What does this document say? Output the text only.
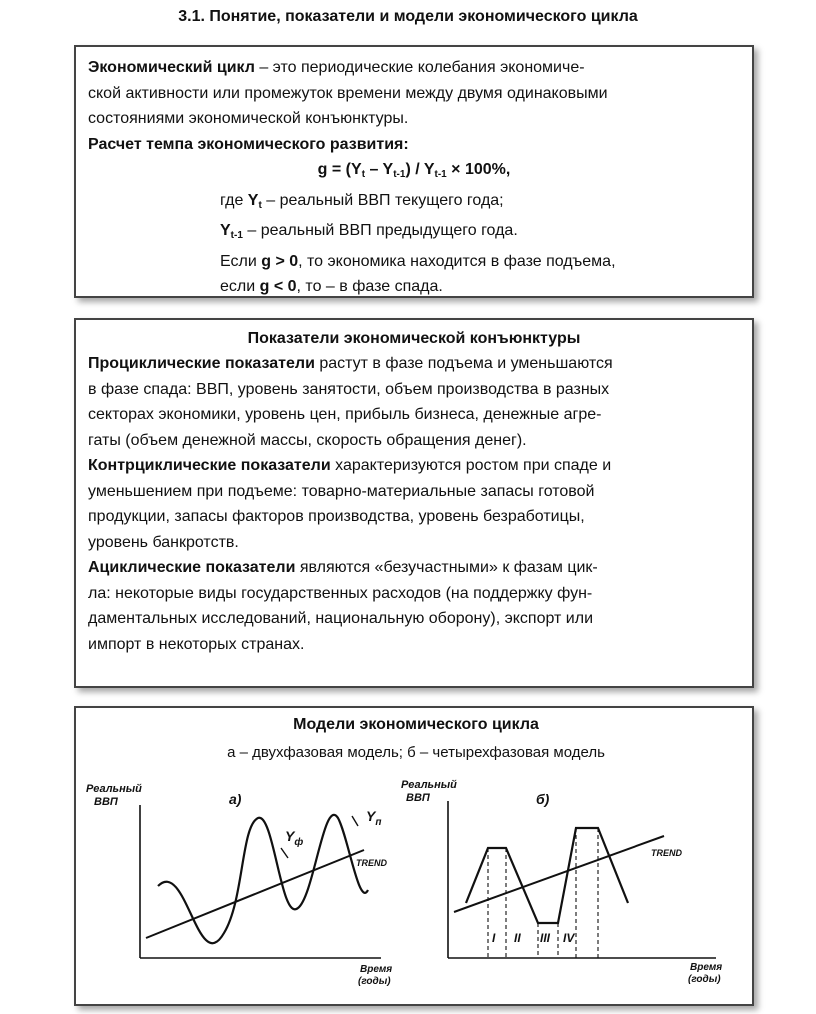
3.1. Понятие, показатели и модели экономического цикла
Экономический цикл – это периодические колебания экономиче-
ской активности или промежуток времени между двумя одинаковыми
состояниями экономической конъюнктуры.
Расчет темпа экономического развития:
$g = (Y_t - Y_{t-1}) / Y_{t-1} \times 100\%$,
где $Y_t$ – реальный ВВП текущего года;
$Y_{t-1}$ – реальный ВВП предыдущего года.
Если g > 0, то экономика находится в фазе подъема,
если g < 0, то – в фазе спада.
Показатели экономической конъюнктуры
Проциклические показатели растут в фазе подъема и уменьшаются
в фазе спада: ВВП, уровень занятости, объем производства в разных
секторах экономики, уровень цен, прибыль бизнеса, денежные агре-
гаты (объем денежной массы, скорость обращения денег).
Контрциклические показатели характеризуются ростом при спаде и
уменьшением при подъеме: товарно-материальные запасы готовой
продукции, запасы факторов производства, уровень безработицы,
уровень банкротств.
Ациклические показатели являются «безучастными» к фазам цик-
ла: некоторые виды государственных расходов (на поддержку фун-
даментальных исследований, национальную оборону), экспорт или
импорт в некоторых странах.
Модели экономического цикла
а – двухфазовая модель; б – четырехфазовая модель
Реальный
ВВП
Время
(годы)
а)
$Y_ф$
$Y_п$
TREND
Реальный
ВВП
Время
(годы)
б)
TREND
I II III IV
